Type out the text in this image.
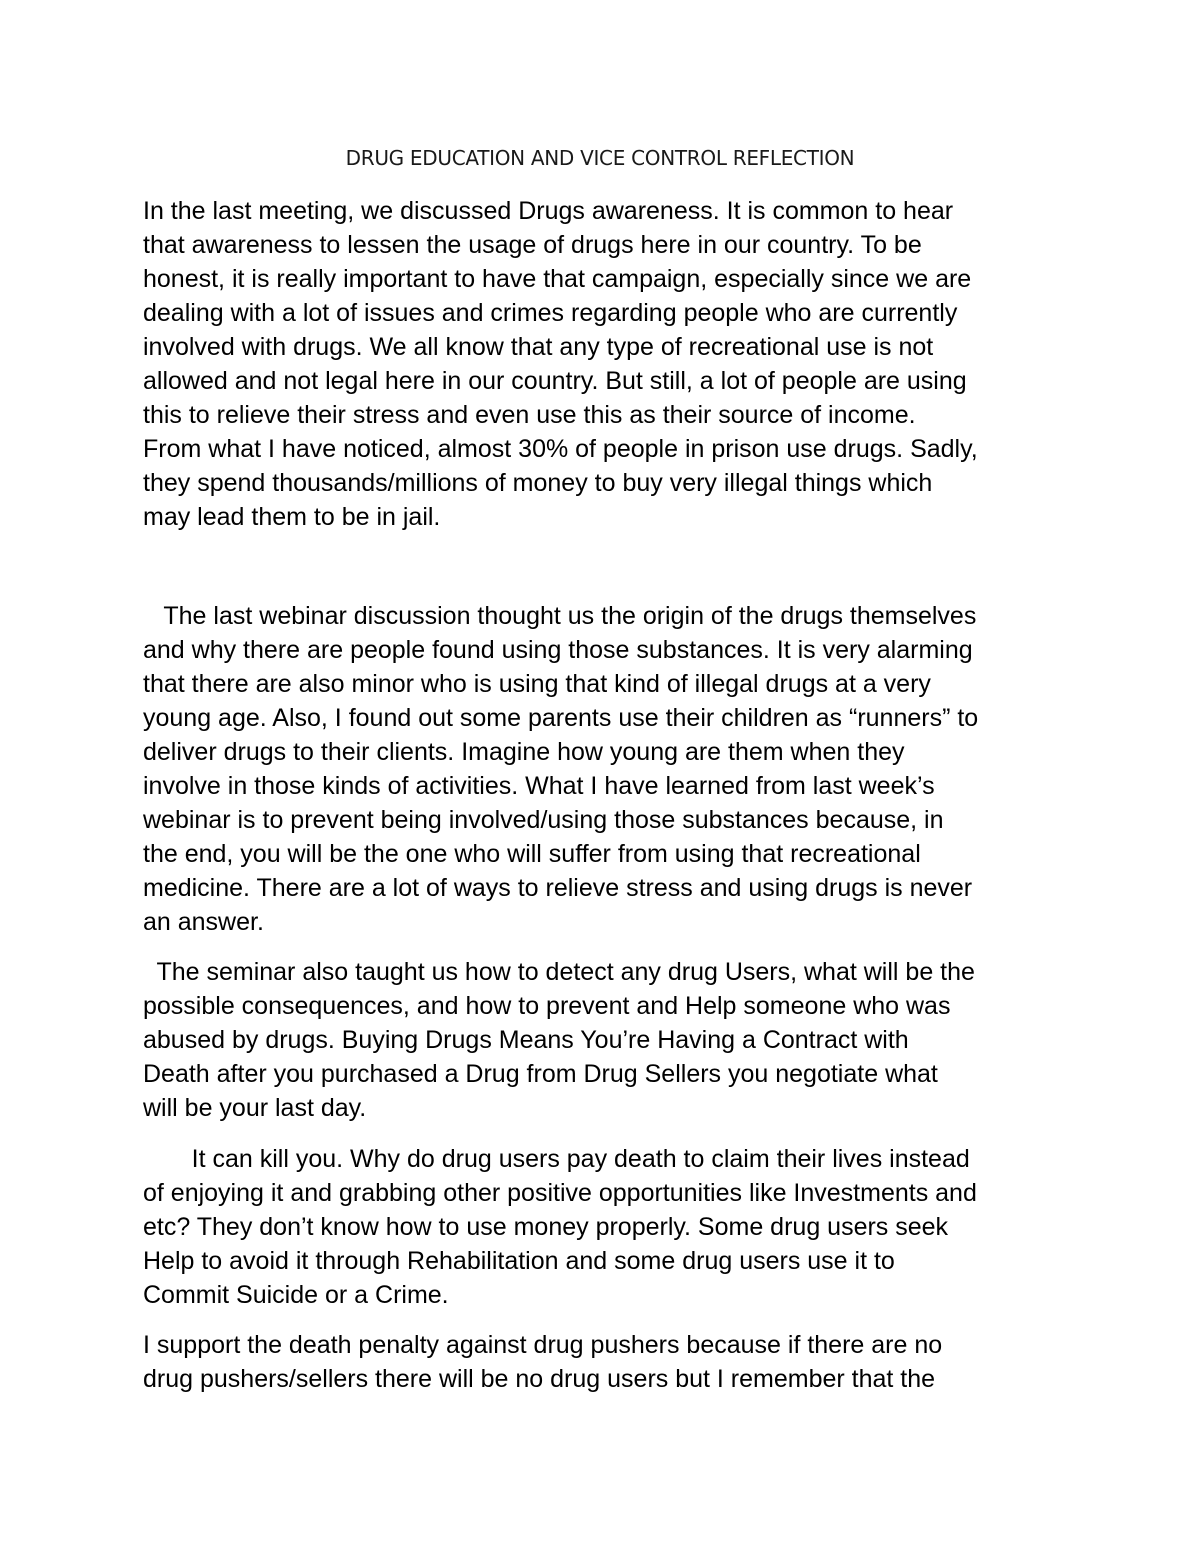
DRUG EDUCATION AND VICE CONTROL REFLECTION
In the last meeting, we discussed Drugs awareness. It is common to hear
that awareness to lessen the usage of drugs here in our country. To be
honest, it is really important to have that campaign, especially since we are
dealing with a lot of issues and crimes regarding people who are currently
involved with drugs. We all know that any type of recreational use is not
allowed and not legal here in our country. But still, a lot of people are using
this to relieve their stress and even use this as their source of income.
From what I have noticed, almost 30% of people in prison use drugs. Sadly,
they spend thousands/millions of money to buy very illegal things which
may lead them to be in jail.
The last webinar discussion thought us the origin of the drugs themselves
and why there are people found using those substances. It is very alarming
that there are also minor who is using that kind of illegal drugs at a very
young age. Also, I found out some parents use their children as “runners” to
deliver drugs to their clients. Imagine how young are them when they
involve in those kinds of activities. What I have learned from last week’s
webinar is to prevent being involved/using those substances because, in
the end, you will be the one who will suffer from using that recreational
medicine. There are a lot of ways to relieve stress and using drugs is never
an answer.
The seminar also taught us how to detect any drug Users, what will be the
possible consequences, and how to prevent and Help someone who was
abused by drugs. Buying Drugs Means You’re Having a Contract with
Death after you purchased a Drug from Drug Sellers you negotiate what
will be your last day.
It can kill you. Why do drug users pay death to claim their lives instead
of enjoying it and grabbing other positive opportunities like Investments and
etc? They don’t know how to use money properly. Some drug users seek
Help to avoid it through Rehabilitation and some drug users use it to
Commit Suicide or a Crime.
I support the death penalty against drug pushers because if there are no
drug pushers/sellers there will be no drug users but I remember that the
